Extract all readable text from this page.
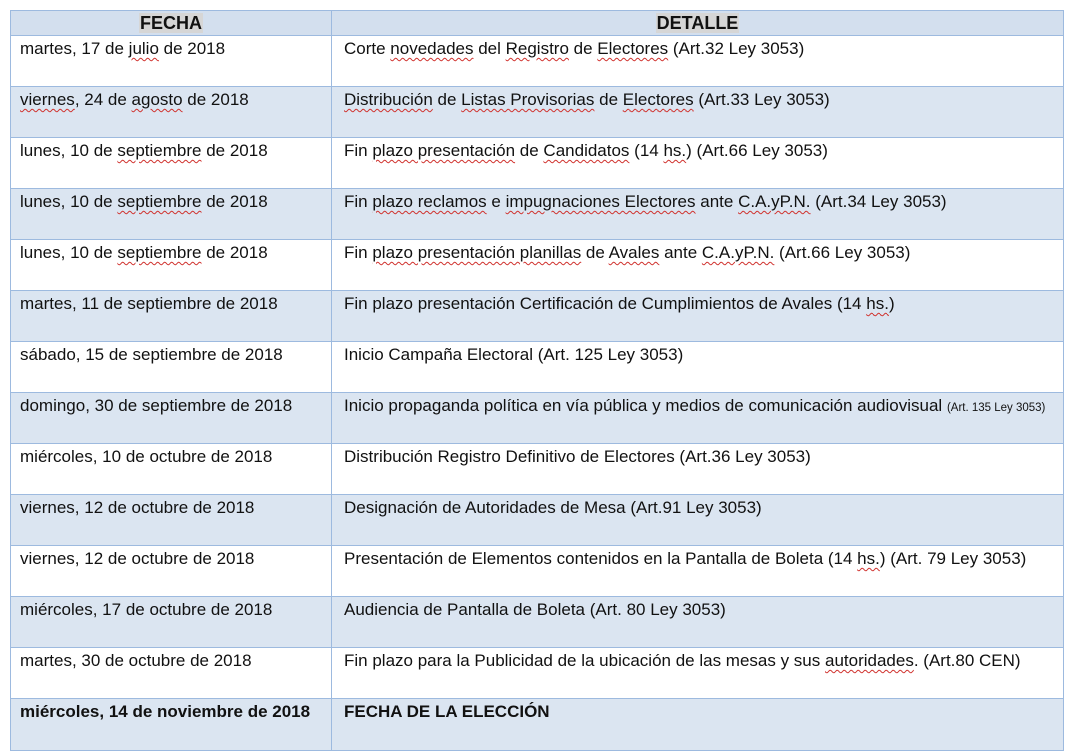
FECHA	DETALLE
martes, 17 de julio de 2018	Corte novedades del Registro de Electores (Art.32 Ley 3053)
viernes, 24 de agosto de 2018	Distribución de Listas Provisorias de Electores (Art.33 Ley 3053)
lunes, 10 de septiembre de 2018	Fin plazo presentación de Candidatos (14 hs.) (Art.66 Ley 3053)
lunes, 10 de septiembre de 2018	Fin plazo reclamos e impugnaciones Electores ante C.A.yP.N. (Art.34 Ley 3053)
lunes, 10 de septiembre de 2018	Fin plazo presentación planillas de Avales ante C.A.yP.N. (Art.66 Ley 3053)
martes, 11 de septiembre de 2018	Fin plazo presentación Certificación de Cumplimientos de Avales (14 hs.)
sábado, 15 de septiembre de 2018	Inicio Campaña Electoral (Art. 125 Ley 3053)
domingo, 30 de septiembre de 2018	Inicio propaganda política en vía pública y medios de comunicación audiovisual (Art. 135 Ley 3053)
miércoles, 10 de octubre de 2018	Distribución Registro Definitivo de Electores (Art.36 Ley 3053)
viernes, 12 de octubre de 2018	Designación de Autoridades de Mesa (Art.91 Ley 3053)
viernes, 12 de octubre de 2018	Presentación de Elementos contenidos en la Pantalla de Boleta (14 hs.) (Art. 79 Ley 3053)
miércoles, 17 de octubre de 2018	Audiencia de Pantalla de Boleta (Art. 80 Ley 3053)
martes, 30 de octubre de 2018	Fin plazo para la Publicidad de la ubicación de las mesas y sus autoridades. (Art.80 CEN)
miércoles, 14 de noviembre de 2018	FECHA DE LA ELECCIÓN
